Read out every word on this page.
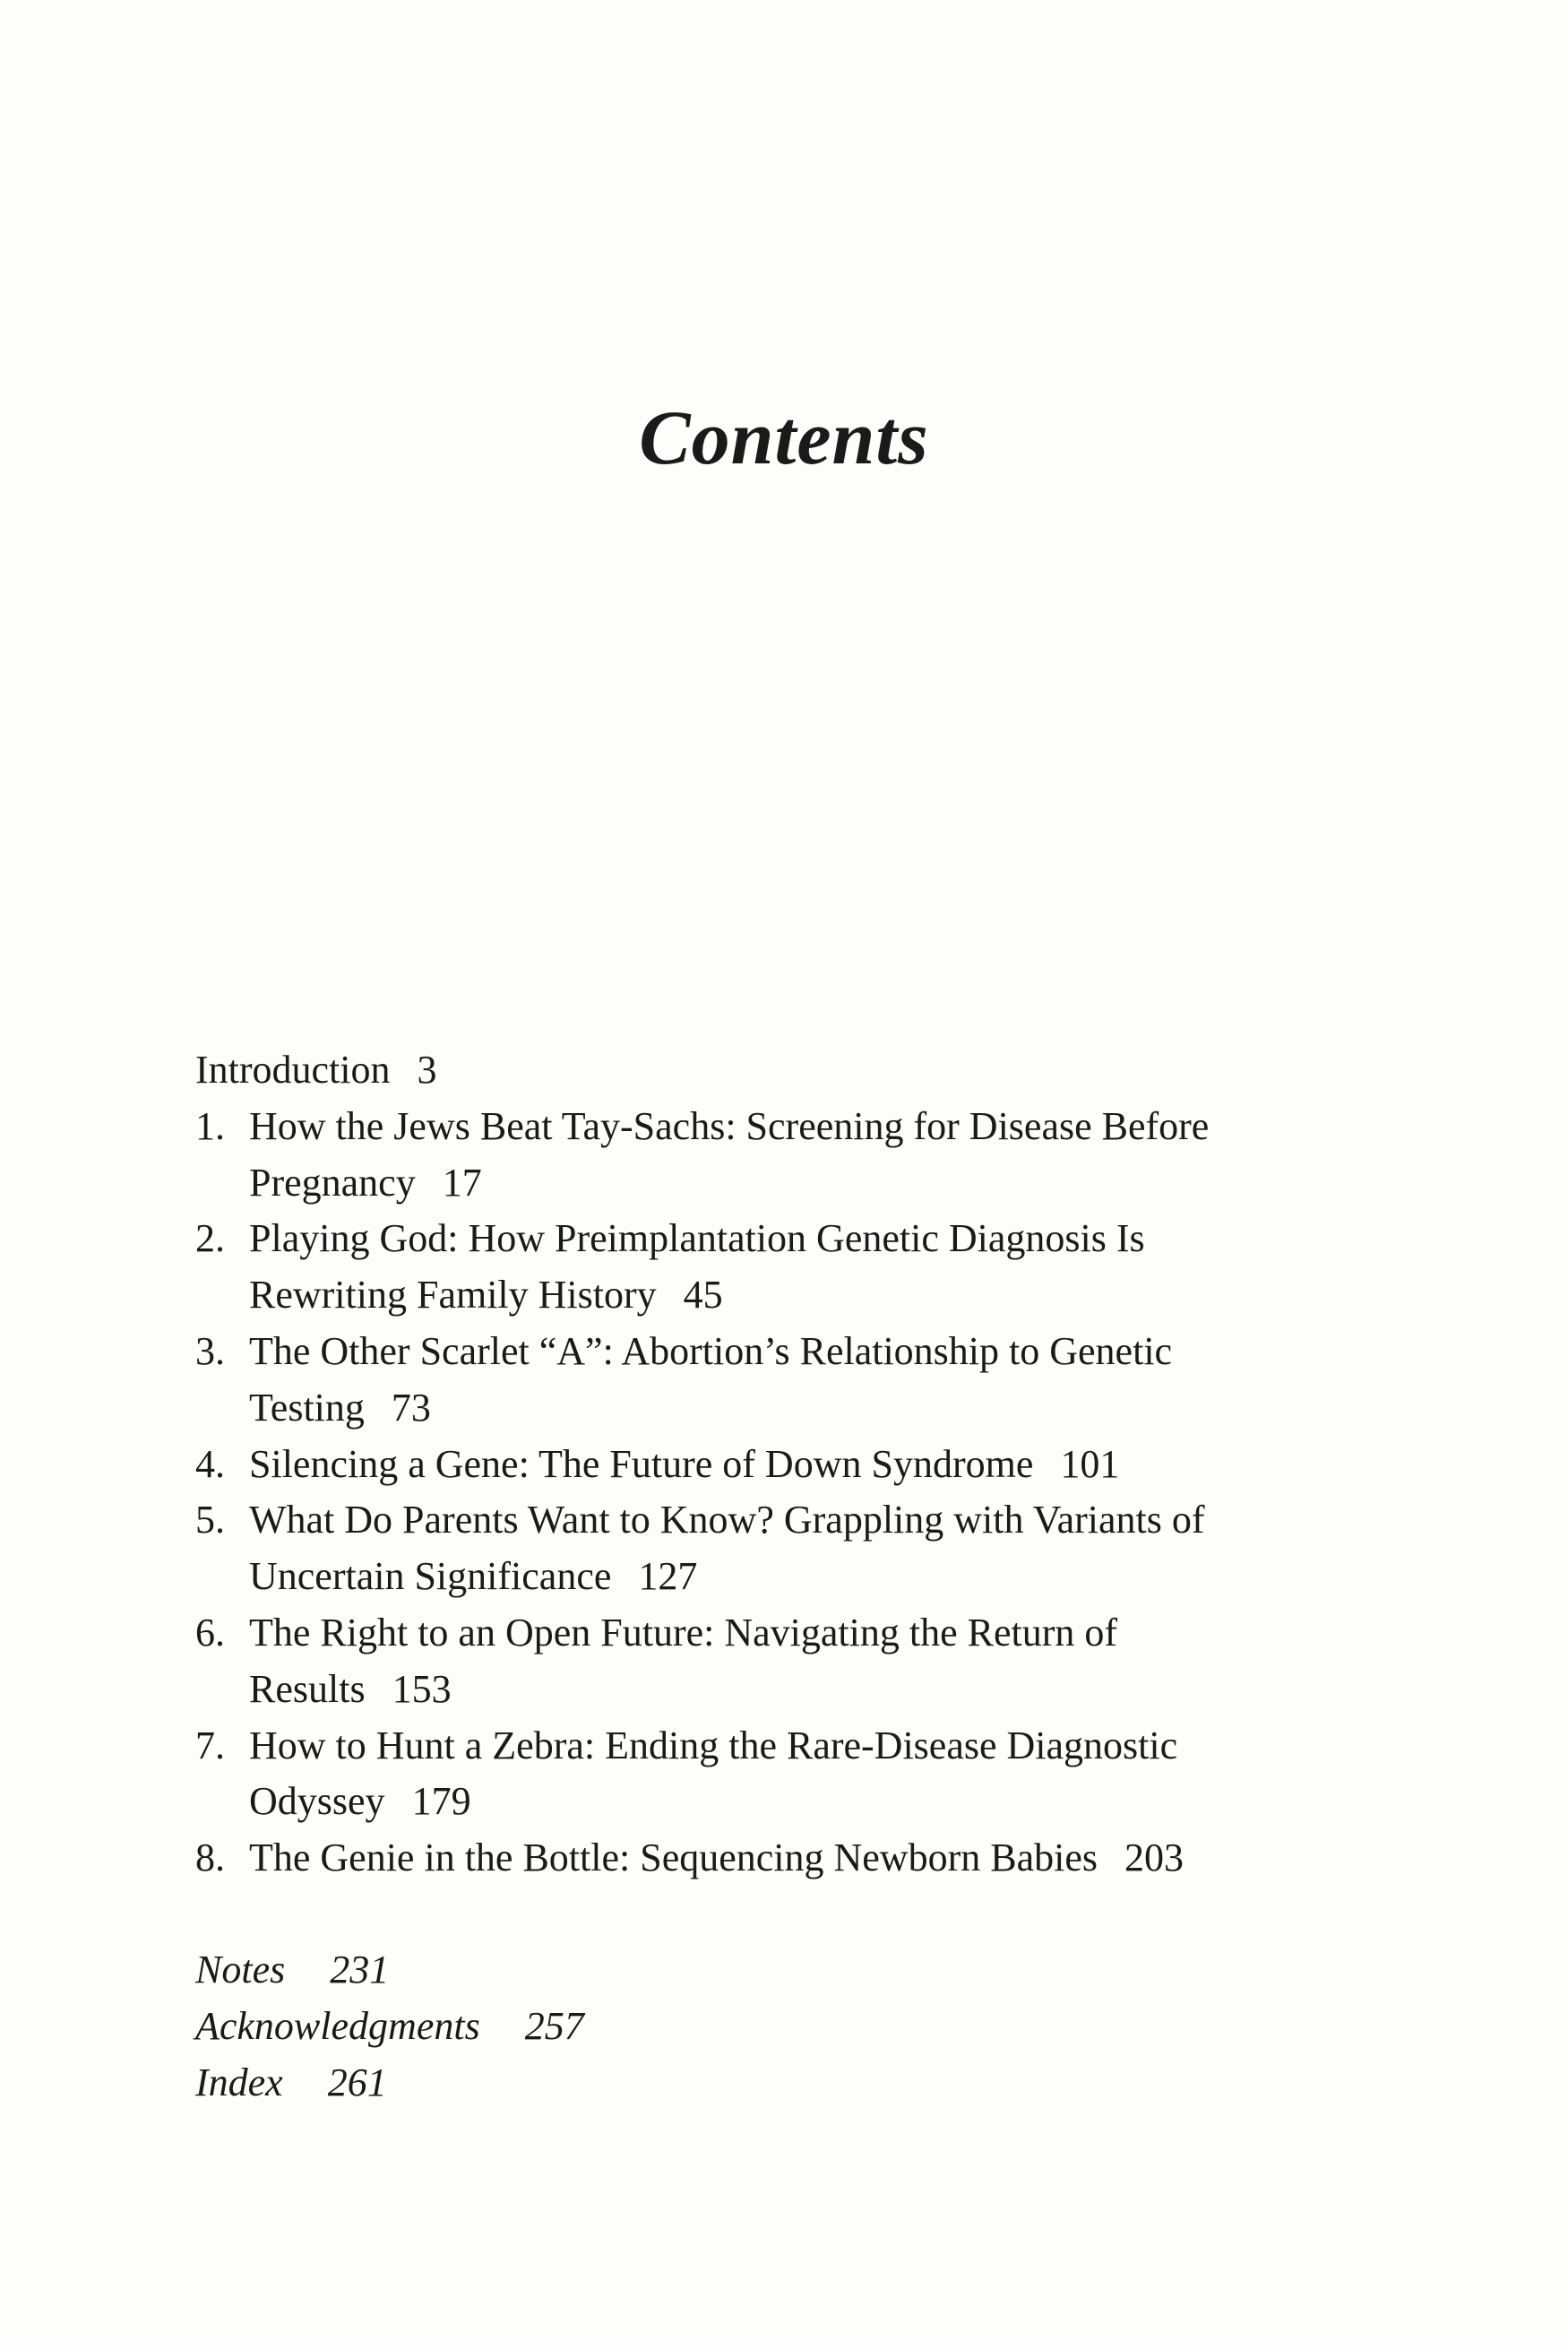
Contents
Introduction 3
1. How the Jews Beat Tay-Sachs: Screening for Disease Before
Pregnancy 17
2. Playing God: How Preimplantation Genetic Diagnosis Is
Rewriting Family History 45
3. The Other Scarlet “A”: Abortion’s Relationship to Genetic
Testing 73
4. Silencing a Gene: The Future of Down Syndrome 101
5. What Do Parents Want to Know? Grappling with Variants of
Uncertain Significance 127
6. The Right to an Open Future: Navigating the Return of
Results 153
7. How to Hunt a Zebra: Ending the Rare-Disease Diagnostic
Odyssey 179
8. The Genie in the Bottle: Sequencing Newborn Babies 203
Notes 231
Acknowledgments 257
Index 261
